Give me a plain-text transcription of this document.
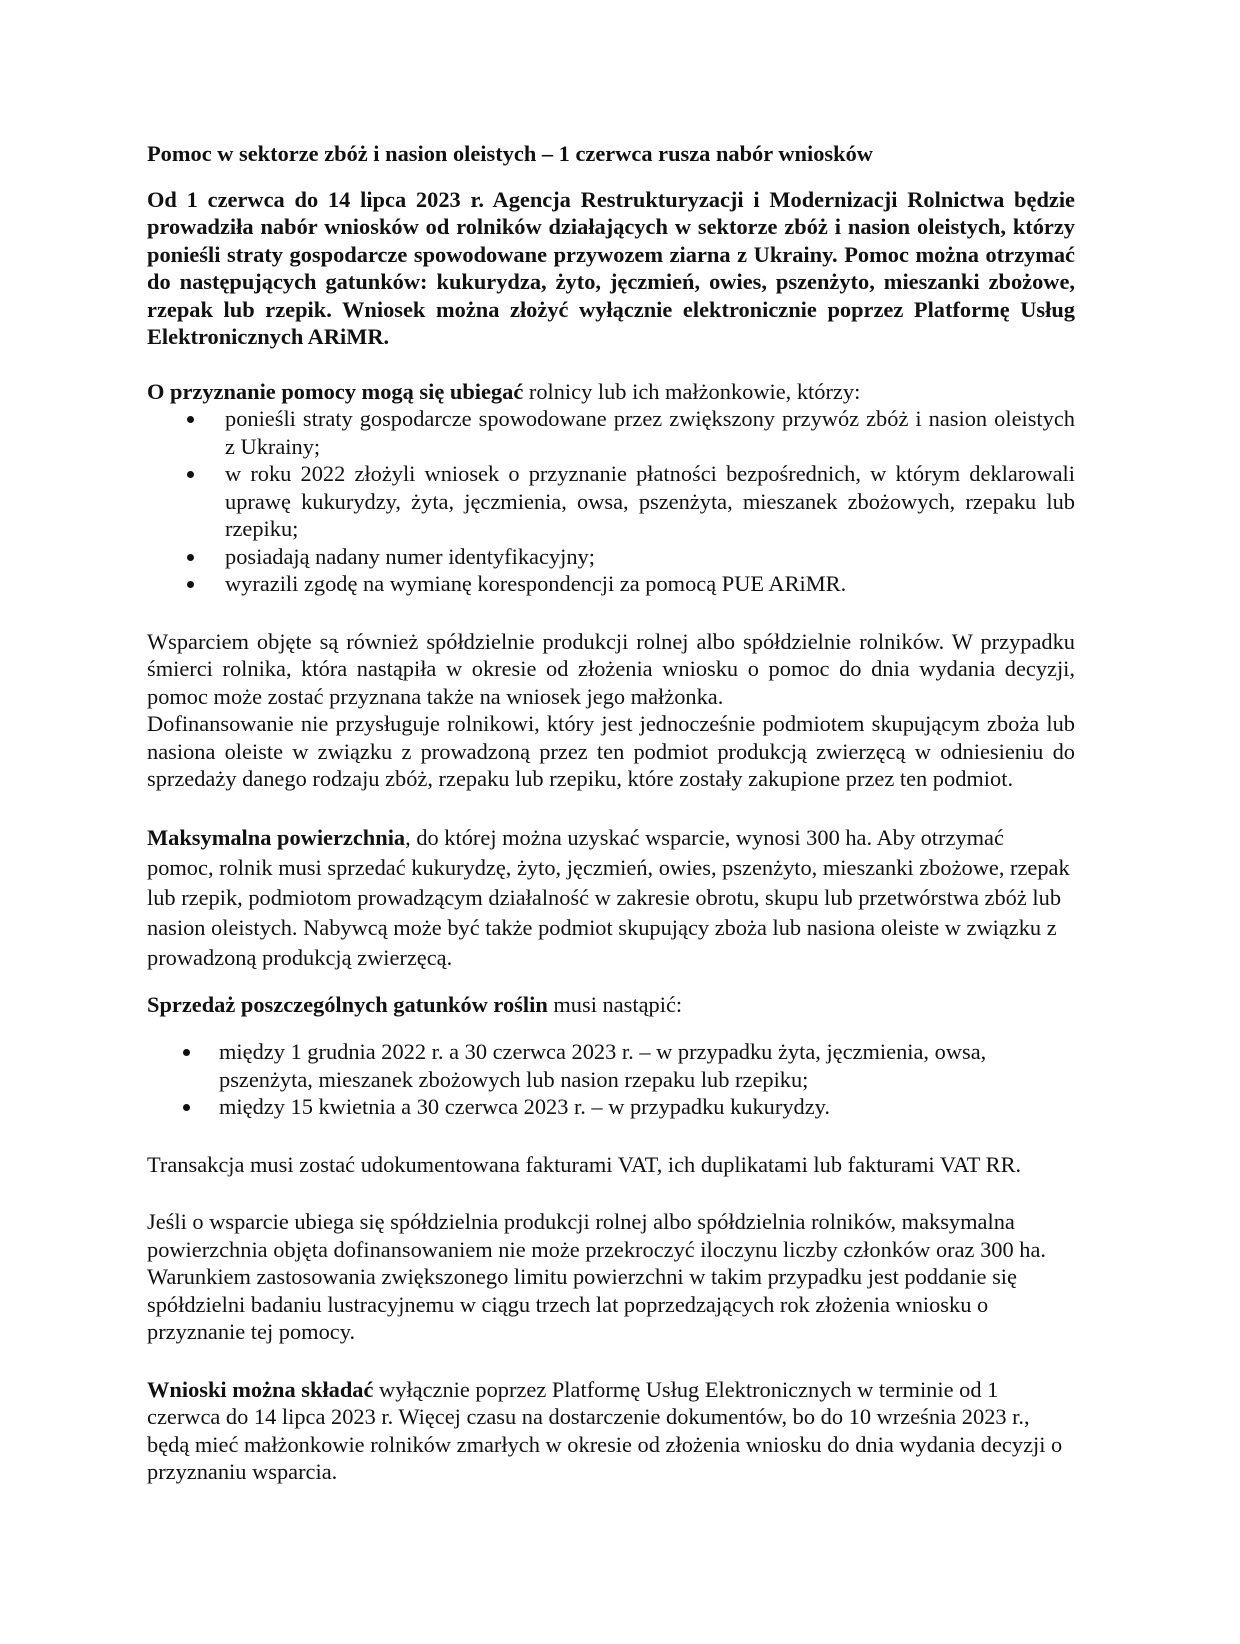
Pomoc w sektorze zbóż i nasion oleistych – 1 czerwca rusza nabór wniosków

Od 1 czerwca do 14 lipca 2023 r. Agencja Restrukturyzacji i Modernizacji Rolnictwa będzie prowadziła nabór wniosków od rolników działających w sektorze zbóż i nasion oleistych, którzy ponieśli straty gospodarcze spowodowane przywozem ziarna z Ukrainy. Pomoc można otrzymać do następujących gatunków: kukurydza, żyto, jęczmień, owies, pszenżyto, mieszanki zbożowe, rzepak lub rzepik. Wniosek można złożyć wyłącznie elektronicznie poprzez Platformę Usług Elektronicznych ARiMR.

O przyznanie pomocy mogą się ubiegać rolnicy lub ich małżonkowie, którzy:

ponieśli straty gospodarcze spowodowane przez zwiększony przywóz zbóż i nasion oleistych z Ukrainy;
w roku 2022 złożyli wniosek o przyznanie płatności bezpośrednich, w którym deklarowali uprawę kukurydzy, żyta, jęczmienia, owsa, pszenżyta, mieszanek zbożowych, rzepaku lub rzepiku;
posiadają nadany numer identyfikacyjny;
wyrazili zgodę na wymianę korespondencji za pomocą PUE ARiMR.

Wsparciem objęte są również spółdzielnie produkcji rolnej albo spółdzielnie rolników. W przypadku śmierci rolnika, która nastąpiła w okresie od złożenia wniosku o pomoc do dnia wydania decyzji, pomoc może zostać przyznana także na wniosek jego małżonka.

Dofinansowanie nie przysługuje rolnikowi, który jest jednocześnie podmiotem skupującym zboża lub nasiona oleiste w związku z prowadzoną przez ten podmiot produkcją zwierzęcą w odniesieniu do sprzedaży danego rodzaju zbóż, rzepaku lub rzepiku, które zostały zakupione przez ten podmiot.

Maksymalna powierzchnia, do której można uzyskać wsparcie, wynosi 300 ha. Aby otrzymać pomoc, rolnik musi sprzedać kukurydzę, żyto, jęczmień, owies, pszenżyto, mieszanki zbożowe, rzepak lub rzepik, podmiotom prowadzącym działalność w zakresie obrotu, skupu lub przetwórstwa zbóż lub nasion oleistych. Nabywcą może być także podmiot skupujący zboża lub nasiona oleiste w związku z prowadzoną produkcją zwierzęcą.

Sprzedaż poszczególnych gatunków roślin musi nastąpić:

między 1 grudnia 2022 r. a 30 czerwca 2023 r. – w przypadku żyta, jęczmienia, owsa, pszenżyta, mieszanek zbożowych lub nasion rzepaku lub rzepiku;
między 15 kwietnia a 30 czerwca 2023 r. – w przypadku kukurydzy.

Transakcja musi zostać udokumentowana fakturami VAT, ich duplikatami lub fakturami VAT RR.

Jeśli o wsparcie ubiega się spółdzielnia produkcji rolnej albo spółdzielnia rolników, maksymalna powierzchnia objęta dofinansowaniem nie może przekroczyć iloczynu liczby członków oraz 300 ha. Warunkiem zastosowania zwiększonego limitu powierzchni w takim przypadku jest poddanie się spółdzielni badaniu lustracyjnemu w ciągu trzech lat poprzedzających rok złożenia wniosku o przyznanie tej pomocy.

Wnioski można składać wyłącznie poprzez Platformę Usług Elektronicznych w terminie od 1 czerwca do 14 lipca 2023 r. Więcej czasu na dostarczenie dokumentów, bo do 10 września 2023 r., będą mieć małżonkowie rolników zmarłych w okresie od złożenia wniosku do dnia wydania decyzji o przyznaniu wsparcia.
